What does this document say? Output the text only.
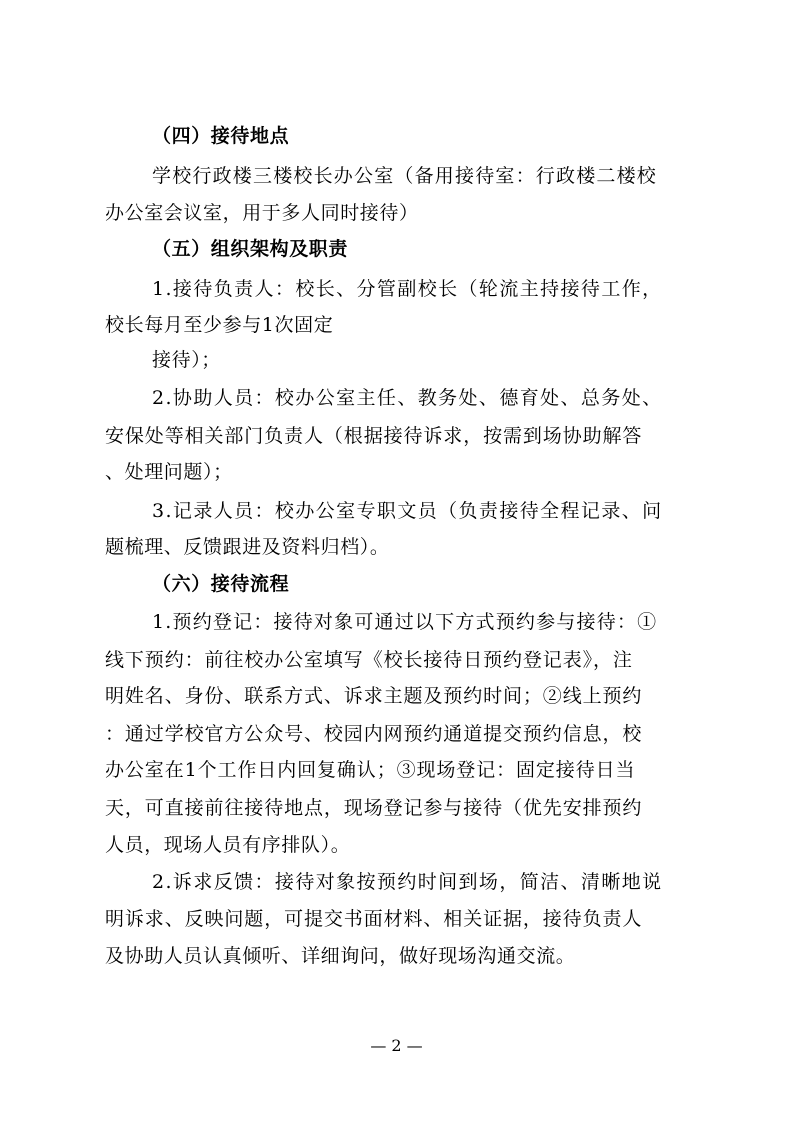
（四）接待地点
学校行政楼三楼校长办公室（备用接待室：行政楼二楼校
办公室会议室，用于多人同时接待）
（五）组织架构及职责
1.接待负责人：校长、分管副校长（轮流主持接待工作，
校长每月至少参与1次固定
接待）；
2.协助人员：校办公室主任、教务处、德育处、总务处、
安保处等相关部门负责人（根据接待诉求，按需到场协助解答
、处理问题）；
3.记录人员：校办公室专职文员（负责接待全程记录、问
题梳理、反馈跟进及资料归档）。
（六）接待流程
1.预约登记：接待对象可通过以下方式预约参与接待：①
线下预约：前往校办公室填写《校长接待日预约登记表》，注
明姓名、身份、联系方式、诉求主题及预约时间；②线上预约
：通过学校官方公众号、校园内网预约通道提交预约信息，校
办公室在1个工作日内回复确认；③现场登记：固定接待日当
天，可直接前往接待地点，现场登记参与接待（优先安排预约
人员，现场人员有序排队）。
2.诉求反馈：接待对象按预约时间到场，简洁、清晰地说
明诉求、反映问题，可提交书面材料、相关证据，接待负责人
及协助人员认真倾听、详细询问，做好现场沟通交流。
— 2 —
